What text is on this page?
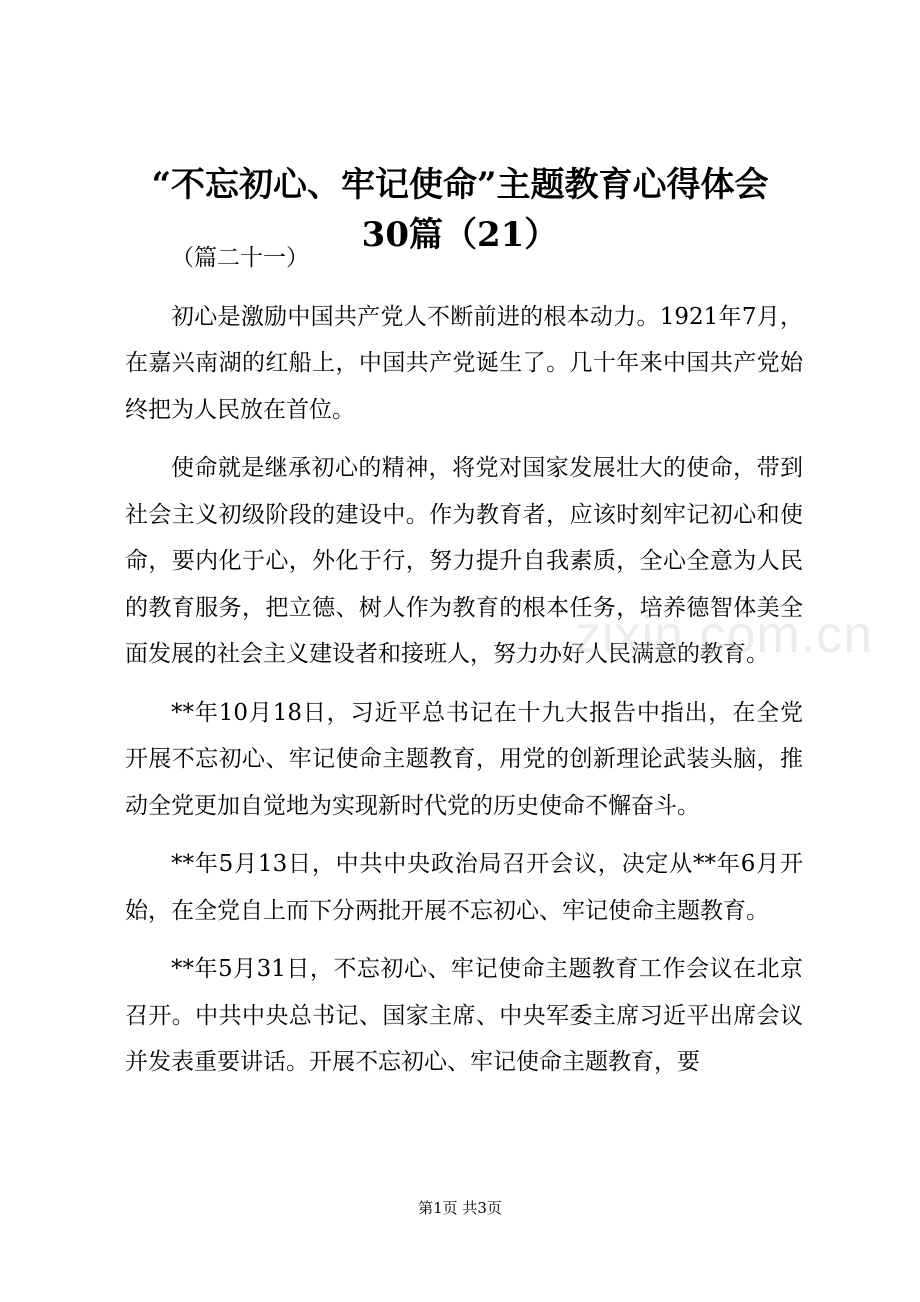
“不忘初心、牢记使命”主题教育心得体会
30篇（21）

（篇二十一）

初心是激励中国共产党人不断前进的根本动力。1921年7月，在嘉兴南湖的红船上，中国共产党诞生了。几十年来中国共产党始终把为人民放在首位。

使命就是继承初心的精神，将党对国家发展壮大的使命，带到社会主义初级阶段的建设中。作为教育者，应该时刻牢记初心和使命，要内化于心，外化于行，努力提升自我素质，全心全意为人民的教育服务，把立德、树人作为教育的根本任务，培养德智体美全面发展的社会主义建设者和接班人，努力办好人民满意的教育。

**年10月18日，习近平总书记在十九大报告中指出，在全党开展不忘初心、牢记使命主题教育，用党的创新理论武装头脑，推动全党更加自觉地为实现新时代党的历史使命不懈奋斗。

**年5月13日，中共中央政治局召开会议，决定从**年6月开始，在全党自上而下分两批开展不忘初心、牢记使命主题教育。

**年5月31日，不忘初心、牢记使命主题教育工作会议在北京召开。中共中央总书记、国家主席、中央军委主席习近平出席会议并发表重要讲话。开展不忘初心、牢记使命主题教育，要

zixin.com.cn
第1页 共3页
